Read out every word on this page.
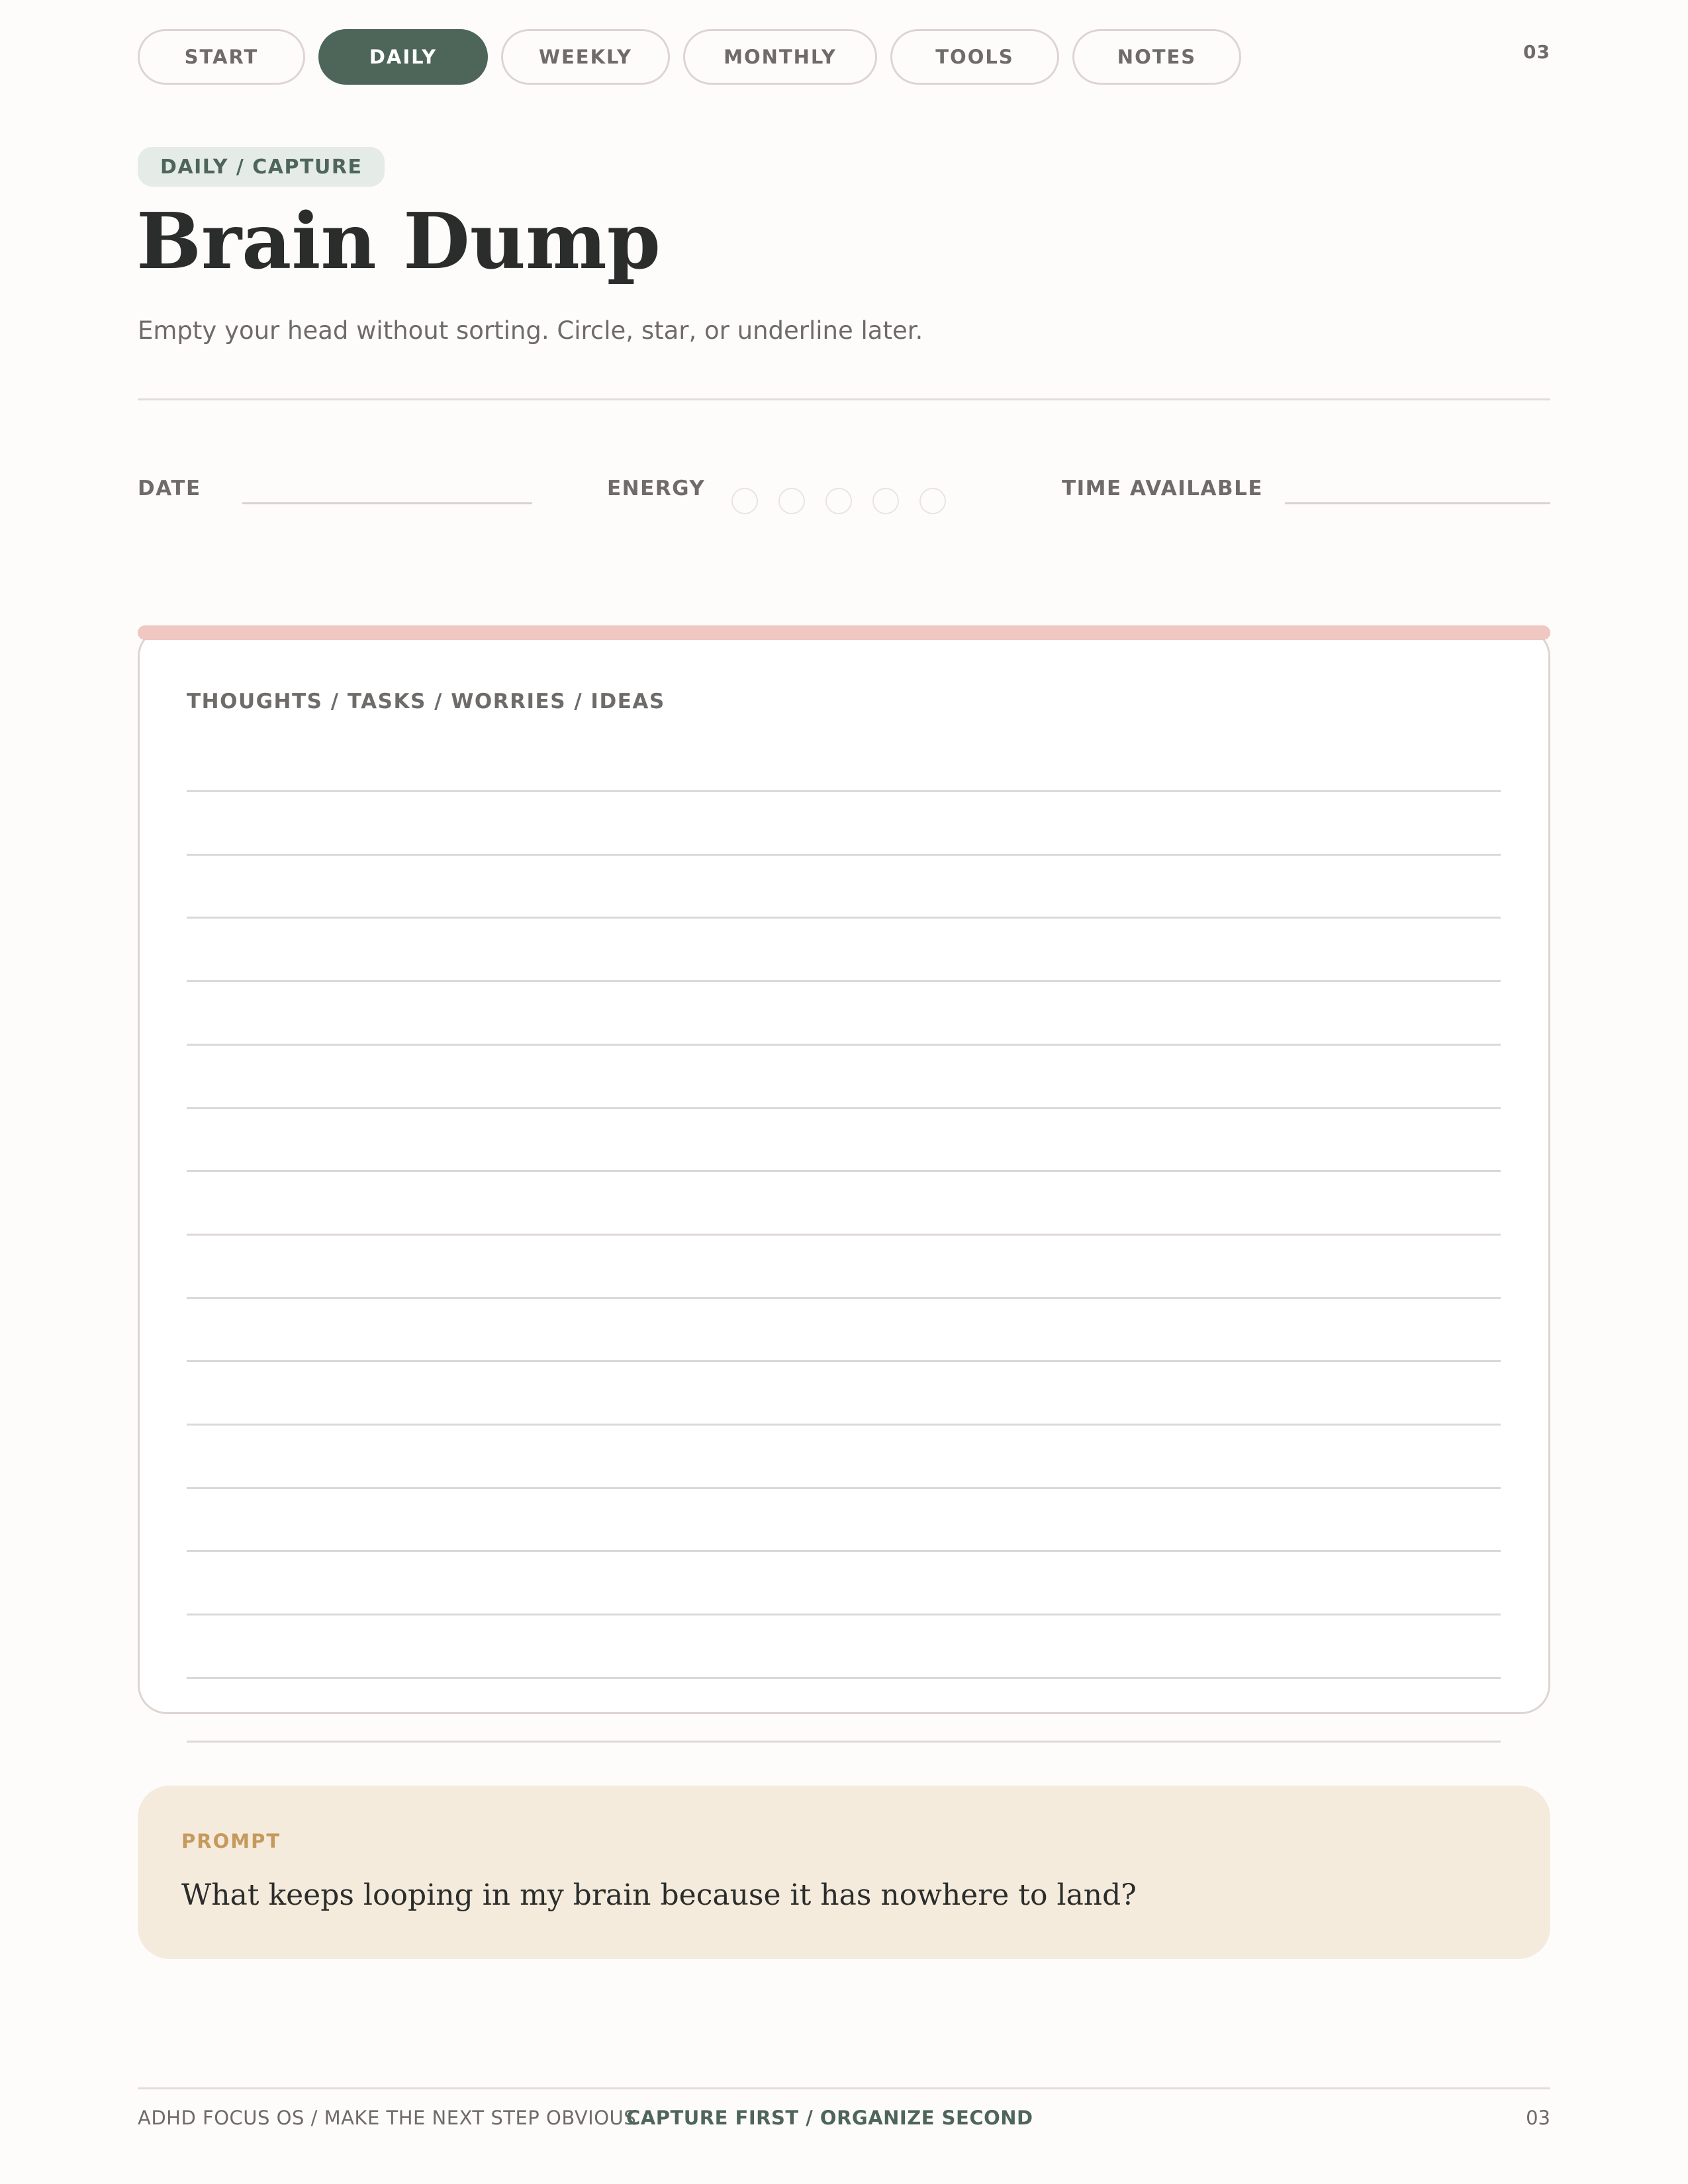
START	DAILY	WEEKLY	MONTHLY	TOOLS	NOTES	03
DAILY / CAPTURE
Brain Dump

Empty your head without sorting. Circle, star, or underline later.

DATE	ENERGY	TIME AVAILABLE
THOUGHTS / TASKS / WORRIES / IDEAS
PROMPT

What keeps looping in my brain because it has nowhere to land?

ADHD FOCUS OS / MAKE THE NEXT STEP OBVIOUS
CAPTURE FIRST / ORGANIZE SECOND	03
